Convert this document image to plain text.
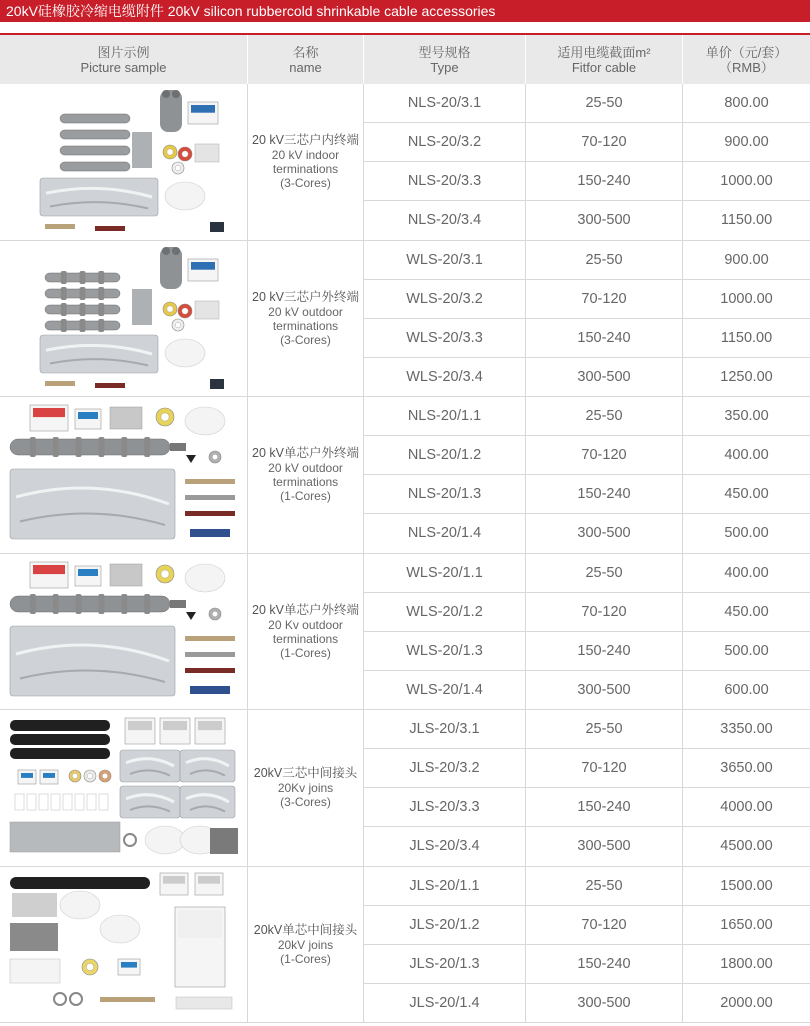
20kV硅橡胶冷缩电缆附件 20kV silicon rubbercold shrinkable cable accessories
图片示例
Picture sample
名称
name
型号规格
Type
适用电缆截面m²
Fitfor cable
单价（元/套）
（RMB）
20 kV三芯户内终端
20 kV indoor
terminations
(3-Cores)
NLS-20/3.1	25-50	800.00
NLS-20/3.2	70-120	900.00
NLS-20/3.3	150-240	1000.00
NLS-20/3.4	300-500	1150.00
20 kV三芯户外终端
20 kV outdoor
terminations
(3-Cores)
WLS-20/3.1	25-50	900.00
WLS-20/3.2	70-120	1000.00
WLS-20/3.3	150-240	1150.00
WLS-20/3.4	300-500	1250.00
20 kV单芯户外终端
20 kV outdoor
terminations
(1-Cores)
NLS-20/1.1	25-50	350.00
NLS-20/1.2	70-120	400.00
NLS-20/1.3	150-240	450.00
NLS-20/1.4	300-500	500.00
20 kV单芯户外终端
20 Kv outdoor
terminations
(1-Cores)
WLS-20/1.1	25-50	400.00
WLS-20/1.2	70-120	450.00
WLS-20/1.3	150-240	500.00
WLS-20/1.4	300-500	600.00
20kV三芯中间接头
20Kv joins
(3-Cores)
JLS-20/3.1	25-50	3350.00
JLS-20/3.2	70-120	3650.00
JLS-20/3.3	150-240	4000.00
JLS-20/3.4	300-500	4500.00
20kV单芯中间接头
20kV joins
(1-Cores)
JLS-20/1.1	25-50	1500.00
JLS-20/1.2	70-120	1650.00
JLS-20/1.3	150-240	1800.00
JLS-20/1.4	300-500	2000.00
